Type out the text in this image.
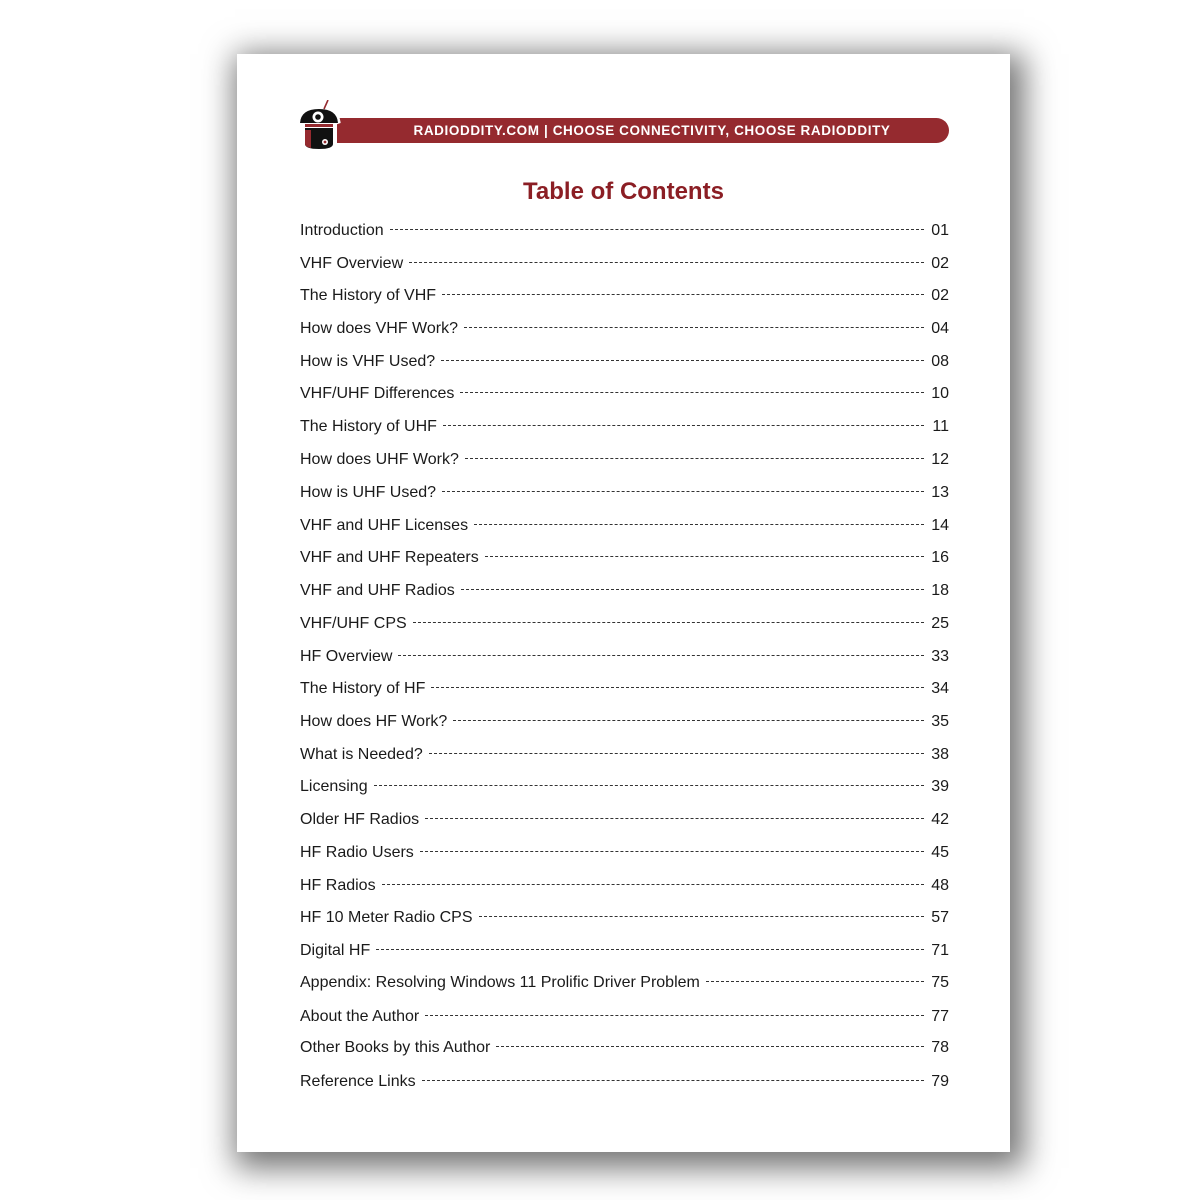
RADIODDITY.COM | CHOOSE CONNECTIVITY, CHOOSE RADIODDITY
Table of Contents
Introduction	01
VHF Overview	02
The History of VHF	02
How does VHF Work?	04
How is VHF Used?	08
VHF/UHF Differences	10
The History of UHF	11
How does UHF Work?	12
How is UHF Used?	13
VHF and UHF Licenses	14
VHF and UHF Repeaters	16
VHF and UHF Radios	18
VHF/UHF CPS	25
HF Overview	33
The History of HF	34
How does HF Work?	35
What is Needed?	38
Licensing	39
Older HF Radios	42
HF Radio Users	45
HF Radios	48
HF 10 Meter Radio CPS	57
Digital HF	71
Appendix: Resolving Windows 11 Prolific Driver Problem	75
About the Author	77
Other Books by this Author	78
Reference Links	79
